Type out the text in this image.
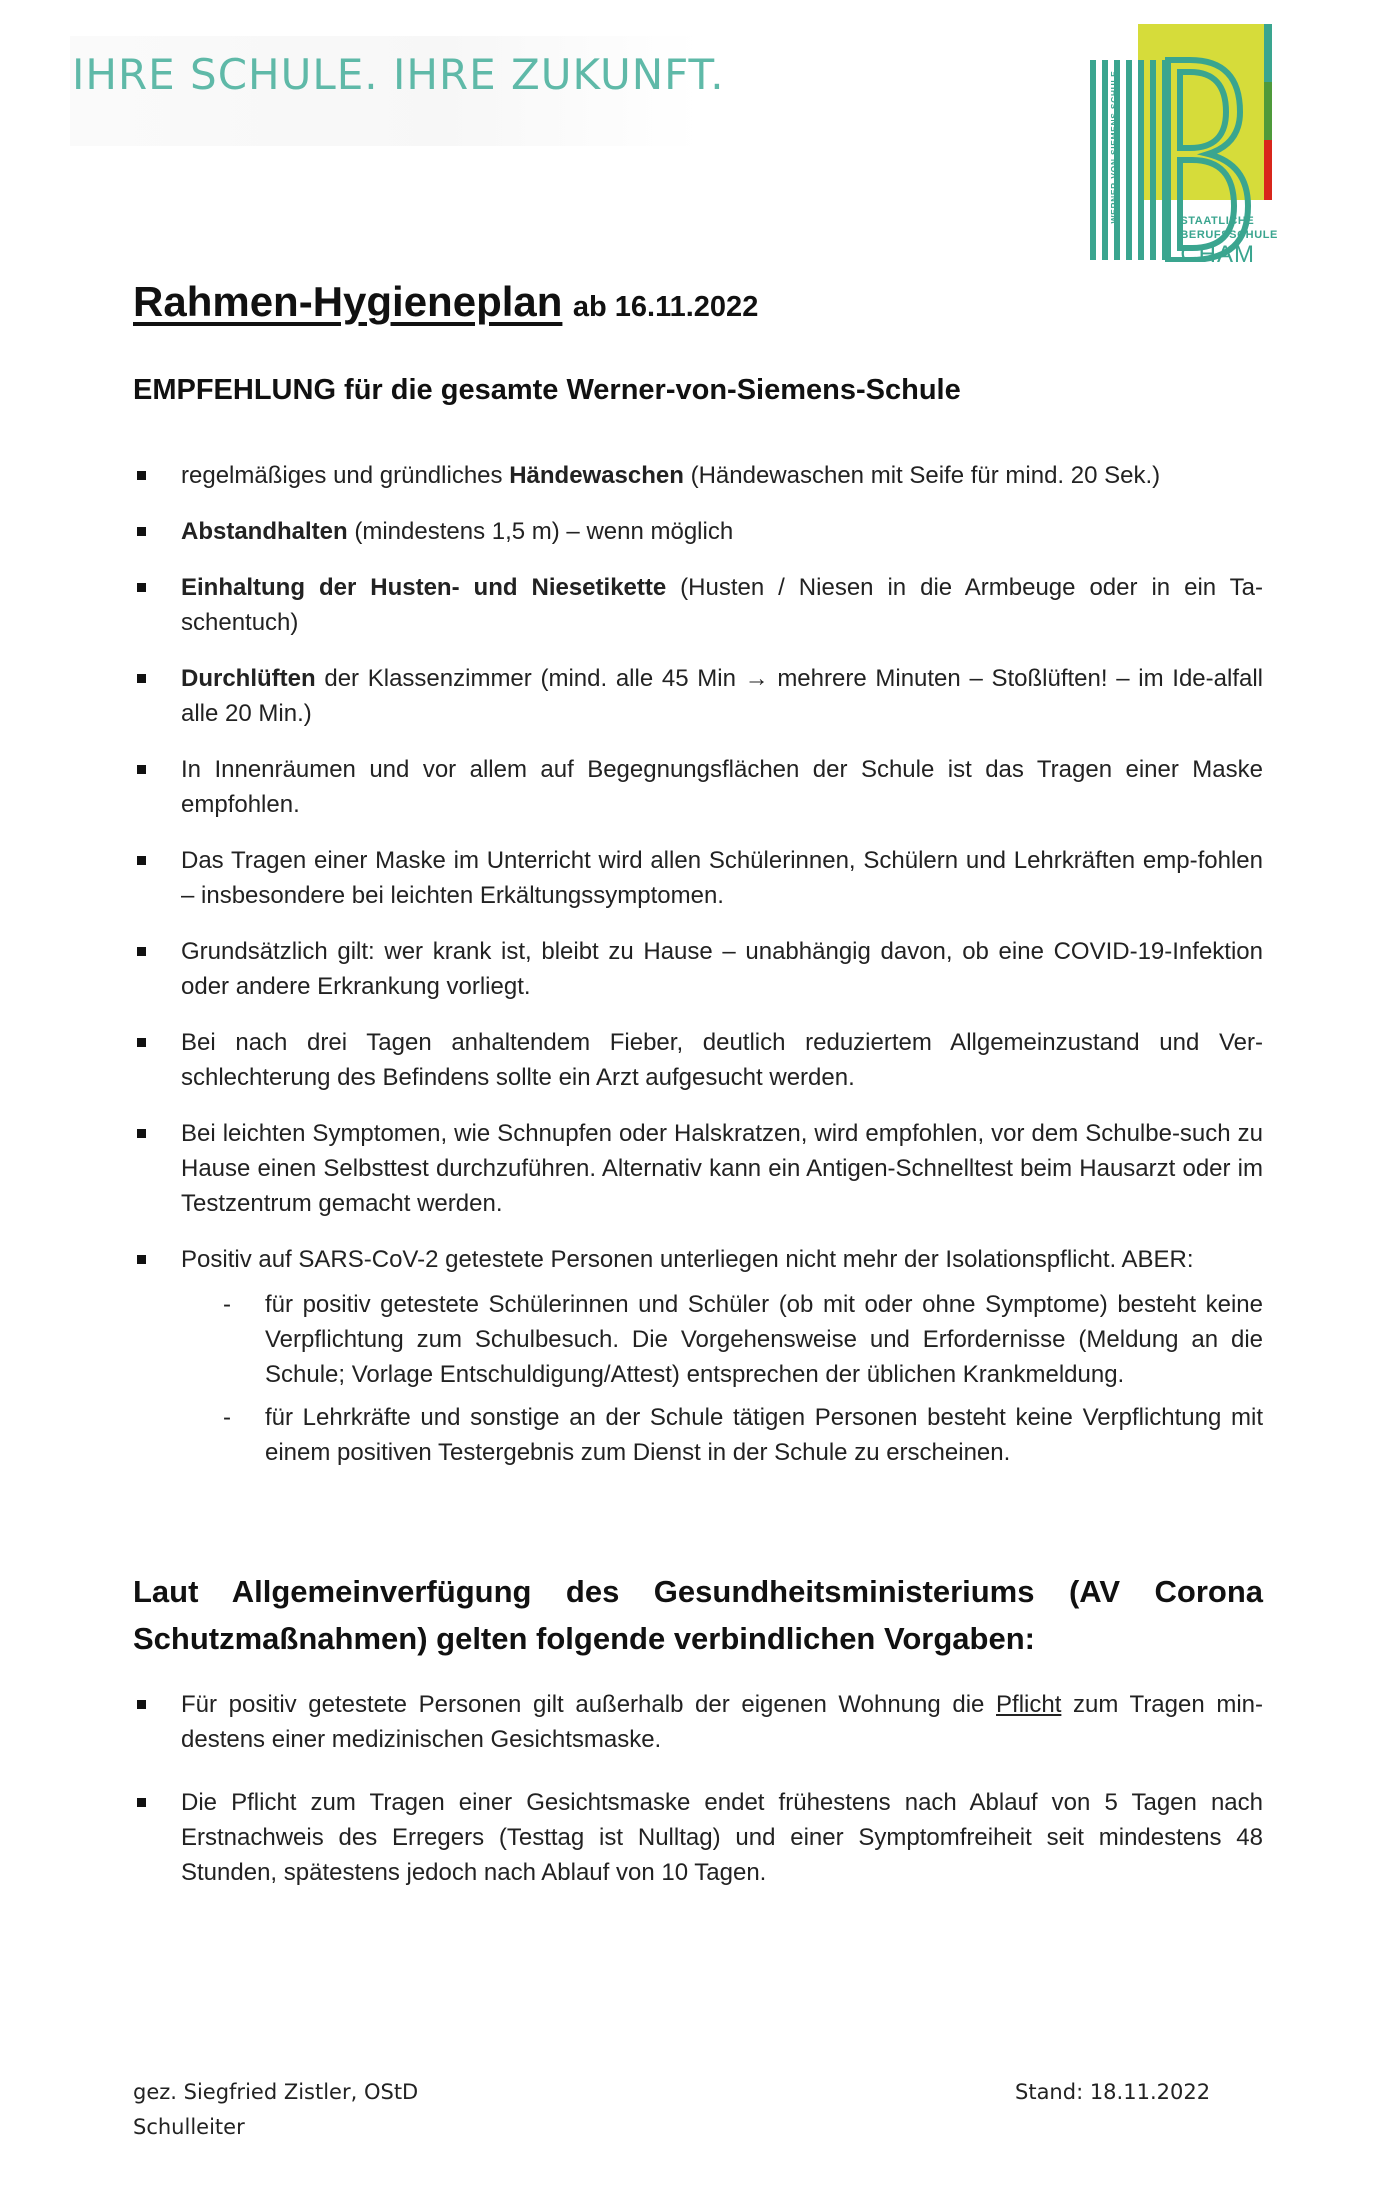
IHRE SCHULE. IHRE ZUKUNFT.	WERNER-VON-SIEMENS-SCHULE	STAATLICHE
BERUFSSCHULE
CHAM
Rahmen-Hygieneplan ab 16.11.2022
EMPFEHLUNG für die gesamte Werner-von-Siemens-Schule
regelmäßiges und gründliches Händewaschen (Händewaschen mit Seife für mind. 20 Sek.)
Abstandhalten (mindestens 1,5 m) – wenn möglich
Einhaltung der Husten- und Niesetikette (Husten / Niesen in die Armbeuge oder in ein Ta-schentuch)
Durchlüften der Klassenzimmer (mind. alle 45 Min → mehrere Minuten – Stoßlüften! – im Ide-alfall alle 20 Min.)
In Innenräumen und vor allem auf Begegnungsflächen der Schule ist das Tragen einer Maske empfohlen.
Das Tragen einer Maske im Unterricht wird allen Schülerinnen, Schülern und Lehrkräften emp-fohlen – insbesondere bei leichten Erkältungssymptomen.
Grundsätzlich gilt: wer krank ist, bleibt zu Hause – unabhängig davon, ob eine COVID-19-Infektion oder andere Erkrankung vorliegt.
Bei nach drei Tagen anhaltendem Fieber, deutlich reduziertem Allgemeinzustand und Ver-schlechterung des Befindens sollte ein Arzt aufgesucht werden.
Bei leichten Symptomen, wie Schnupfen oder Halskratzen, wird empfohlen, vor dem Schulbe-such zu Hause einen Selbsttest durchzuführen. Alternativ kann ein Antigen-Schnelltest beim Hausarzt oder im Testzentrum gemacht werden.
Positiv auf SARS-CoV-2 getestete Personen unterliegen nicht mehr der Isolationspflicht. ABER:
- für positiv getestete Schülerinnen und Schüler (ob mit oder ohne Symptome) besteht keine Verpflichtung zum Schulbesuch. Die Vorgehensweise und Erfordernisse (Meldung an die Schule; Vorlage Entschuldigung/Attest) entsprechen der üblichen Krankmeldung.
- für Lehrkräfte und sonstige an der Schule tätigen Personen besteht keine Verpflichtung mit einem positiven Testergebnis zum Dienst in der Schule zu erscheinen.
Laut Allgemeinverfügung des Gesundheitsministeriums (AV Corona Schutzmaßnahmen) gelten folgende verbindlichen Vorgaben:
Für positiv getestete Personen gilt außerhalb der eigenen Wohnung die Pflicht zum Tragen min-destens einer medizinischen Gesichtsmaske.
Die Pflicht zum Tragen einer Gesichtsmaske endet frühestens nach Ablauf von 5 Tagen nach Erstnachweis des Erregers (Testtag ist Nulltag) und einer Symptomfreiheit seit mindestens 48 Stunden, spätestens jedoch nach Ablauf von 10 Tagen.
gez. Siegfried Zistler, OStD
Schulleiter
Stand: 18.11.2022
